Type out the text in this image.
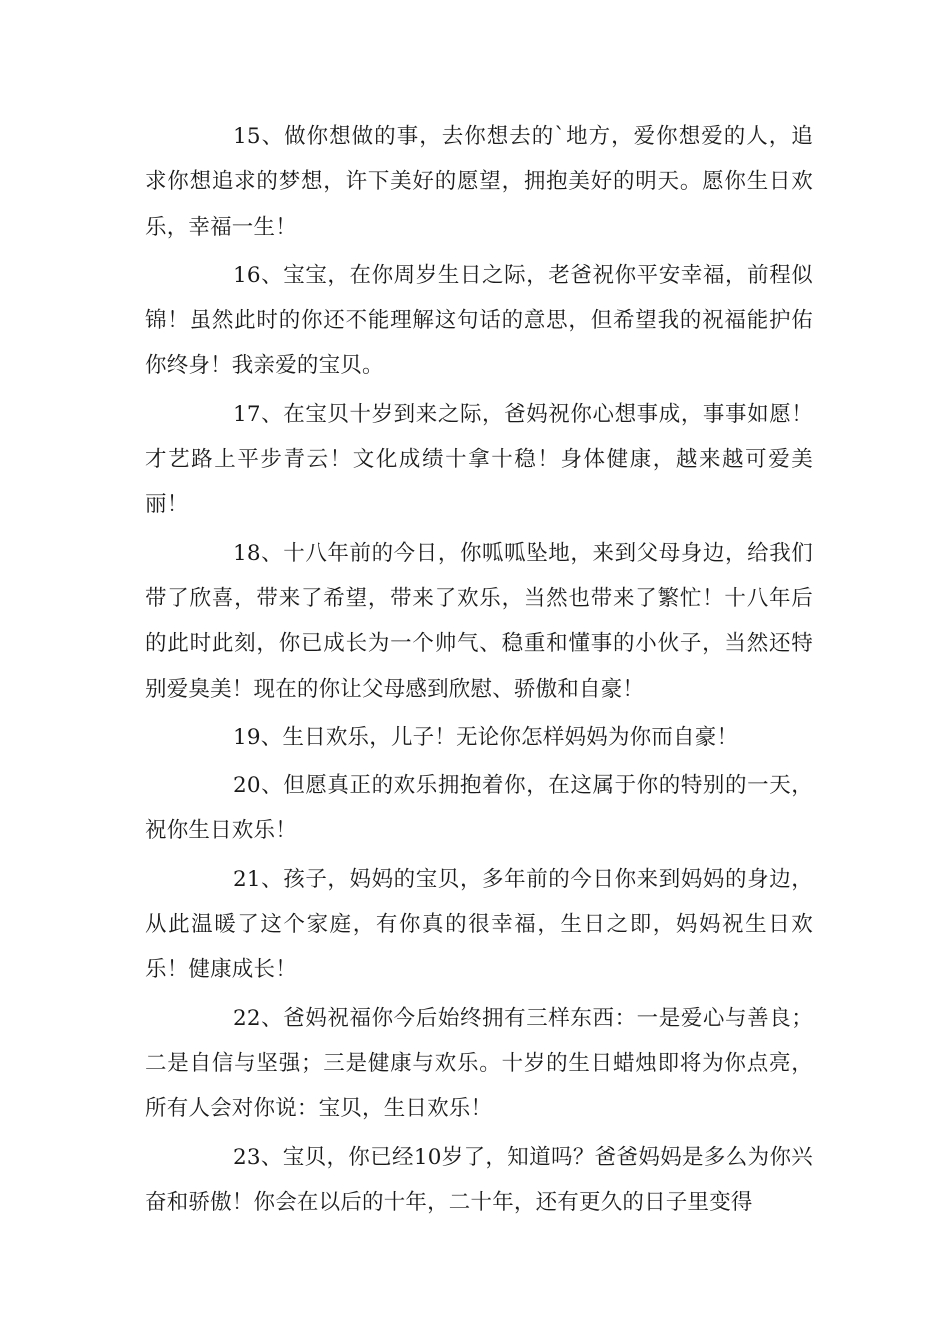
15、做你想做的事，去你想去的`地方，爱你想爱的人，追求你想追求的梦想，许下美好的愿望，拥抱美好的明天。愿你生日欢乐，幸福一生！

16、宝宝，在你周岁生日之际，老爸祝你平安幸福，前程似锦！虽然此时的你还不能理解这句话的意思，但希望我的祝福能护佑你终身！我亲爱的宝贝。

17、在宝贝十岁到来之际，爸妈祝你心想事成，事事如愿！才艺路上平步青云！文化成绩十拿十稳！身体健康，越来越可爱美丽！

18、十八年前的今日，你呱呱坠地，来到父母身边，给我们带了欣喜，带来了希望，带来了欢乐，当然也带来了繁忙！十八年后的此时此刻，你已成长为一个帅气、稳重和懂事的小伙子，当然还特别爱臭美！现在的你让父母感到欣慰、骄傲和自豪！

19、生日欢乐，儿子！无论你怎样妈妈为你而自豪！

20、但愿真正的欢乐拥抱着你，在这属于你的特别的一天，祝你生日欢乐！

21、孩子，妈妈的宝贝，多年前的今日你来到妈妈的身边，从此温暖了这个家庭，有你真的很幸福，生日之即，妈妈祝生日欢乐！健康成长！

22、爸妈祝福你今后始终拥有三样东西：一是爱心与善良；二是自信与坚强；三是健康与欢乐。十岁的生日蜡烛即将为你点亮，所有人会对你说：宝贝，生日欢乐！

23、宝贝，你已经10岁了，知道吗？爸爸妈妈是多么为你兴奋和骄傲！你会在以后的十年，二十年，还有更久的日子里变得
